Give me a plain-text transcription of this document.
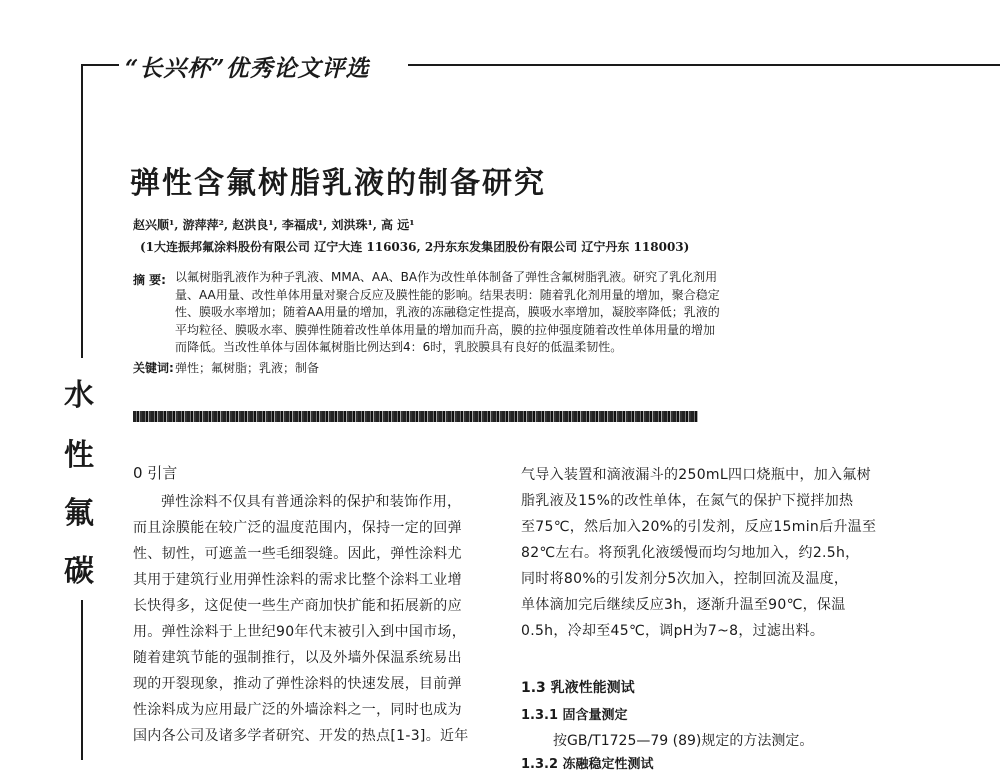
“长兴杯”优秀论文评选
弹性含氟树脂乳液的制备研究
赵兴顺¹, 游萍萍², 赵洪良¹, 李福成¹, 刘洪珠¹, 高 远¹
(1大连振邦氟涂料股份有限公司 辽宁大连 116036, 2丹东东发集团股份有限公司 辽宁丹东 118003)
摘 要: 以氟树脂乳液作为种子乳液、MMA、AA、BA作为改性单体制备了弹性含氟树脂乳液。研究了乳化剂用
量、AA用量、改性单体用量对聚合反应及膜性能的影响。结果表明：随着乳化剂用量的增加，聚合稳定
性、膜吸水率增加；随着AA用量的增加，乳液的冻融稳定性提高，膜吸水率增加，凝胶率降低；乳液的
平均粒径、膜吸水率、膜弹性随着改性单体用量的增加而升高，膜的拉伸强度随着改性单体用量的增加
而降低。当改性单体与固体氟树脂比例达到4：6时，乳胶膜具有良好的低温柔韧性。
关键词: 弹性；氟树脂；乳液；制备
水
性
氟
碳
0 引言
弹性涂料不仅具有普通涂料的保护和装饰作用，
而且涂膜能在较广泛的温度范围内，保持一定的回弹
性、韧性，可遮盖一些毛细裂缝。因此，弹性涂料尤
其用于建筑行业用弹性涂料的需求比整个涂料工业增
长快得多，这促使一些生产商加快扩能和拓展新的应
用。弹性涂料于上世纪90年代末被引入到中国市场，
随着建筑节能的强制推行，以及外墙外保温系统易出
现的开裂现象，推动了弹性涂料的快速发展，目前弹
性涂料成为应用最广泛的外墙涂料之一，同时也成为
国内各公司及诸多学者研究、开发的热点[1-3]。近年
气导入装置和滴液漏斗的250mL四口烧瓶中，加入氟树
脂乳液及15%的改性单体，在氮气的保护下搅拌加热
至75℃，然后加入20%的引发剂，反应15min后升温至
82℃左右。将预乳化液缓慢而均匀地加入，约2.5h，
同时将80%的引发剂分5次加入，控制回流及温度，
单体滴加完后继续反应3h，逐渐升温至90℃，保温
0.5h，冷却至45℃，调pH为7~8，过滤出料。
1.3 乳液性能测试
1.3.1 固含量测定
按GB/T1725—79 (89)规定的方法测定。
1.3.2 冻融稳定性测试
